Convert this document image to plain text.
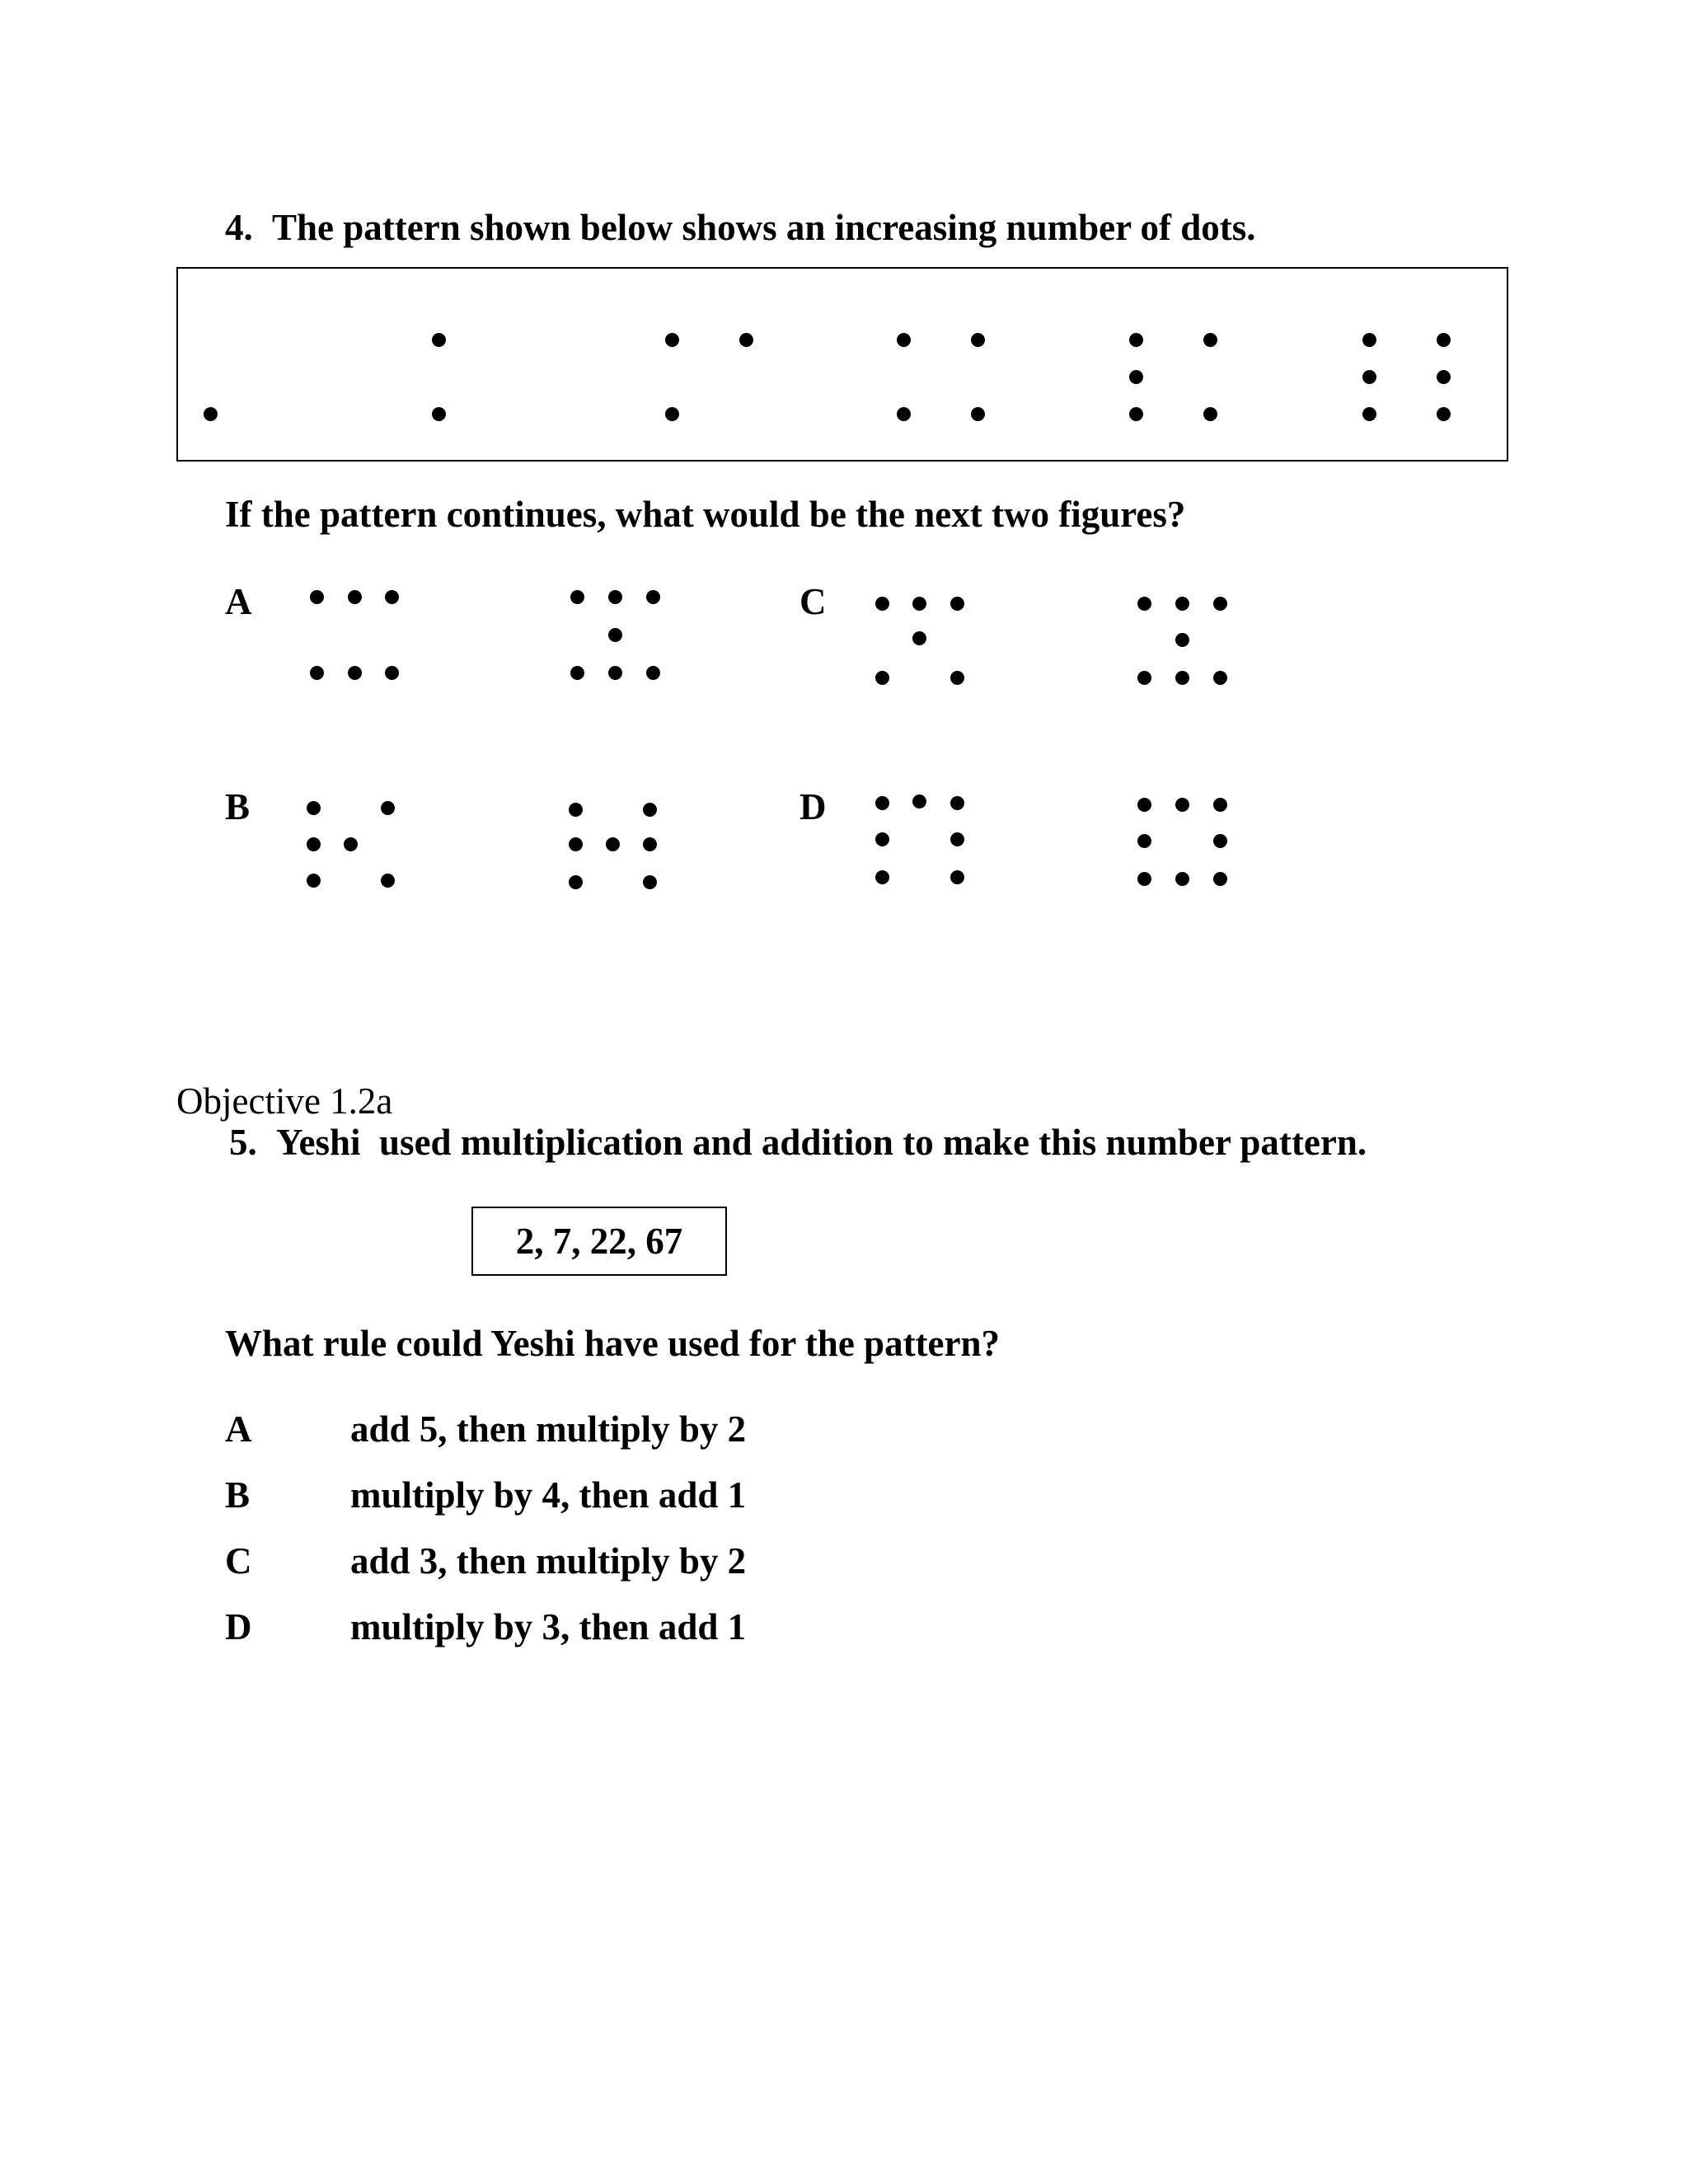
4. The pattern shown below shows an increasing number of dots.
If the pattern continues, what would be the next two figures?
A	C
B	D
Objective 1.2a
5. Yeshi  used multiplication and addition to make this number pattern.
2, 7, 22, 67
What rule could Yeshi have used for the pattern?
A	add 5, then multiply by 2
B	multiply by 4, then add 1
C	add 3, then multiply by 2
D	multiply by 3, then add 1
